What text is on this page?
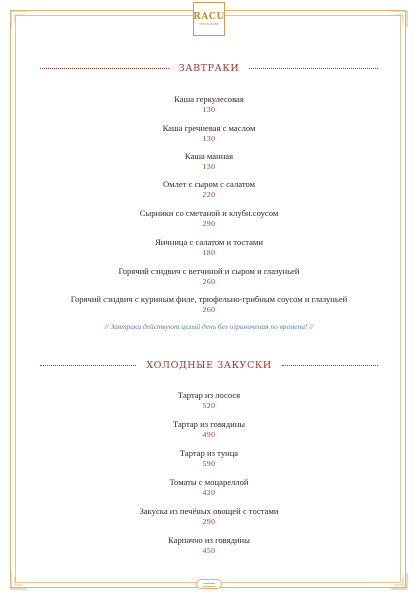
RACU
RESTAURANT
ЗАВТРАКИ
Каша геркулесовая
130
Каша гречневая с маслом
130
Каша манная
130
Омлет с сыром с салатом
220
Сырники со сметаной и клубн.соусом
290
Яичница с салатом и тостами
180
Горячий сэндвич с ветчиной и сыром и глазуньей
260
Горячий сэндвич с куриным филе, трюфельно-грибным соусом и глазуньей
260
// Завтраки действуют целый день без ограничения по времени! //
ХОЛОДНЫЕ ЗАКУСКИ
Тартар из лосося
520
Тартар из говядины
490
Тартар из тунца
590
Томаты с моцареллой
420
Закуска из печёных овощей с тостами
290
Карпаччо из говядины
450
